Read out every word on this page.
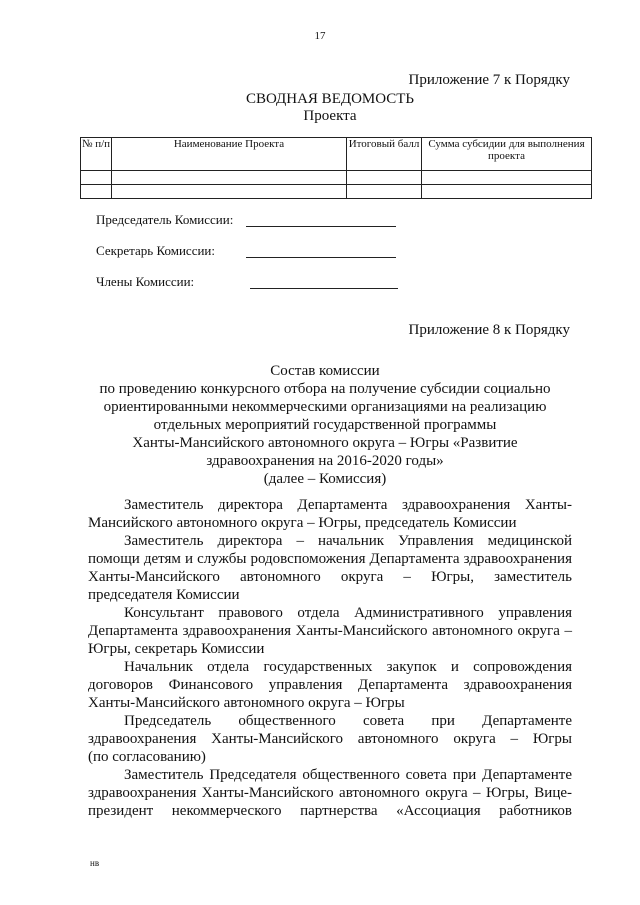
17
Приложение 7 к Порядку
СВОДНАЯ ВЕДОМОСТЬ
Проекта
№ п/п	Наименование Проекта	Итоговый балл	Сумма субсидии для выполнения проекта

Председатель Комиссии:
Секретарь Комиссии:
Члены Комиссии:
Приложение 8 к Порядку
Состав комиссии
по проведению конкурсного отбора на получение субсидии социально
ориентированными некоммерческими организациями на реализацию
отдельных мероприятий государственной программы
Ханты-Мансийского автономного округа – Югры «Развитие
здравоохранения на 2016-2020 годы»
(далее – Комиссия)

Заместитель директора Департамента здравоохранения Ханты-

Мансийского автономного округа – Югры, председатель Комиссии

Заместитель директора – начальник Управления медицинской

помощи детям и службы родовспоможения Департамента здравоохранения

Ханты-Мансийского автономного округа – Югры, заместитель

председателя Комиссии

Консультант правового отдела Административного управления

Департамента здравоохранения Ханты-Мансийского автономного округа –

Югры, секретарь Комиссии

Начальник отдела государственных закупок и сопровождения

договоров Финансового управления Департамента здравоохранения

Ханты-Мансийского автономного округа – Югры

Председатель общественного совета при Департаменте

здравоохранения Ханты-Мансийского автономного округа – Югры

(по согласованию)

Заместитель Председателя общественного совета при Департаменте

здравоохранения Ханты-Мансийского автономного округа – Югры, Вице-

президент некоммерческого партнерства «Ассоциация работников

нв
